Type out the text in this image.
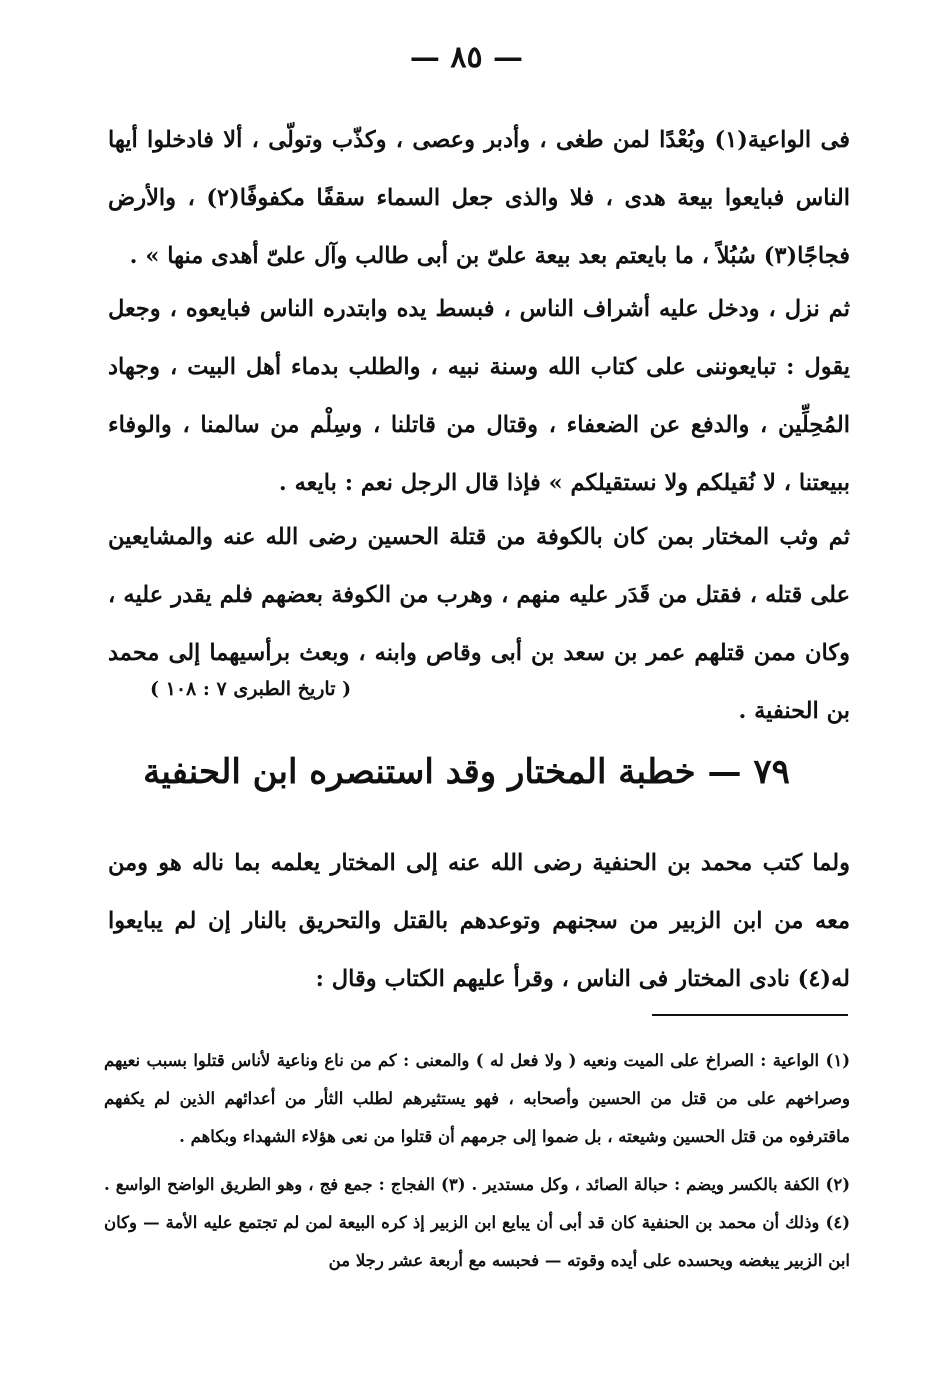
— ٨٥ —

فى الواعية(١) وبُعْدًا لمن طغى ، وأدبر وعصى ، وكذّب وتولّى ، ألا فادخلوا أيها الناس فبايعوا بيعة هدى ، فلا والذى جعل السماء سقفًا مكفوفًا(٢) ، والأرض فجاجًا(٣) سُبُلاً ، ما بايعتم بعد بيعة علىّ بن أبى طالب وآل علىّ أهدى منها » .

ثم نزل ، ودخل عليه أشراف الناس ، فبسط يده وابتدره الناس فبايعوه ، وجعل يقول : تبايعوننى على كتاب الله وسنة نبيه ، والطلب بدماء أهل البيت ، وجهاد المُحِلِّين ، والدفع عن الضعفاء ، وقتال من قاتلنا ، وسِلْم من سالمنا ، والوفاء ببيعتنا ، لا نُقيلكم ولا نستقيلكم » فإذا قال الرجل نعم : بايعه .

ثم وثب المختار بمن كان بالكوفة من قتلة الحسين رضى الله عنه والمشايعين على قتله ، فقتل من قَدَر عليه منهم ، وهرب من الكوفة بعضهم فلم يقدر عليه ، وكان ممن قتلهم عمر بن سعد بن أبى وقاص وابنه ، وبعث برأسيهما إلى محمد بن الحنفية .

( تاريخ الطبرى ٧ : ١٠٨ )

٧٩ — خطبة المختار وقد استنصره ابن الحنفية

ولما كتب محمد بن الحنفية رضى الله عنه إلى المختار يعلمه بما ناله هو ومن معه من ابن الزبير من سجنهم وتوعدهم بالقتل والتحريق بالنار إن لم يبايعوا له(٤) نادى المختار فى الناس ، وقرأ عليهم الكتاب وقال :

(١) الواعية : الصراخ على الميت ونعيه ( ولا فعل له ) والمعنى : كم من ناع وناعية لأناس قتلوا بسبب نعيهم وصراخهم على من قتل من الحسين وأصحابه ، فهو يستثيرهم لطلب الثأر من أعدائهم الذين لم يكفهم ماقترفوه من قتل الحسين وشيعته ، بل ضموا إلى جرمهم أن قتلوا من نعى هؤلاء الشهداء وبكاهم .

(٢) الكفة بالكسر ويضم : حبالة الصائد ، وكل مستدير . (٣) الفجاج : جمع فج ، وهو الطريق الواضح الواسع . (٤) وذلك أن محمد بن الحنفية كان قد أبى أن يبايع ابن الزبير إذ كره البيعة لمن لم تجتمع عليه الأمة — وكان ابن الزبير يبغضه ويحسده على أيده وقوته — فحبسه مع أربعة عشر رجلا من
